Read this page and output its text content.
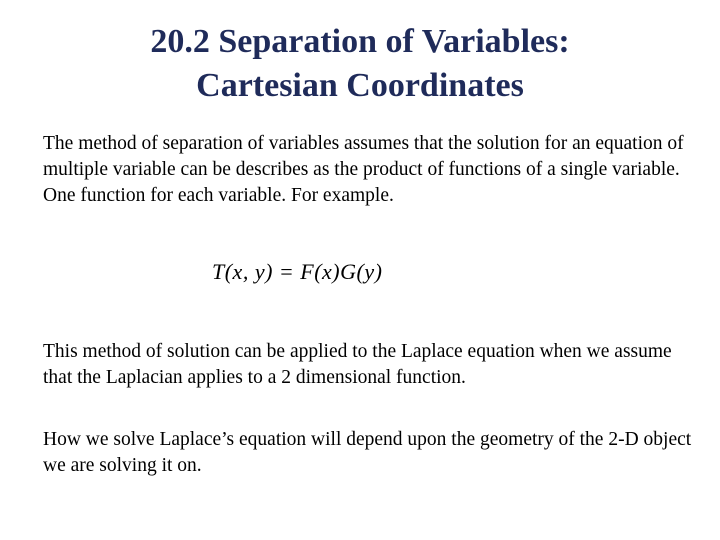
20.2 Separation of Variables:
Cartesian Coordinates
The method of separation of variables assumes that the solution for an equation of multiple variable can be describes as the product of functions of a single variable. One function for each variable. For example.
T(x, y) = F(x)G(y)
This method of solution can be applied to the Laplace equation when we assume that the Laplacian applies to a 2 dimensional function.
How we solve Laplace’s equation will depend upon the geometry of the 2-D object we are solving it on.
